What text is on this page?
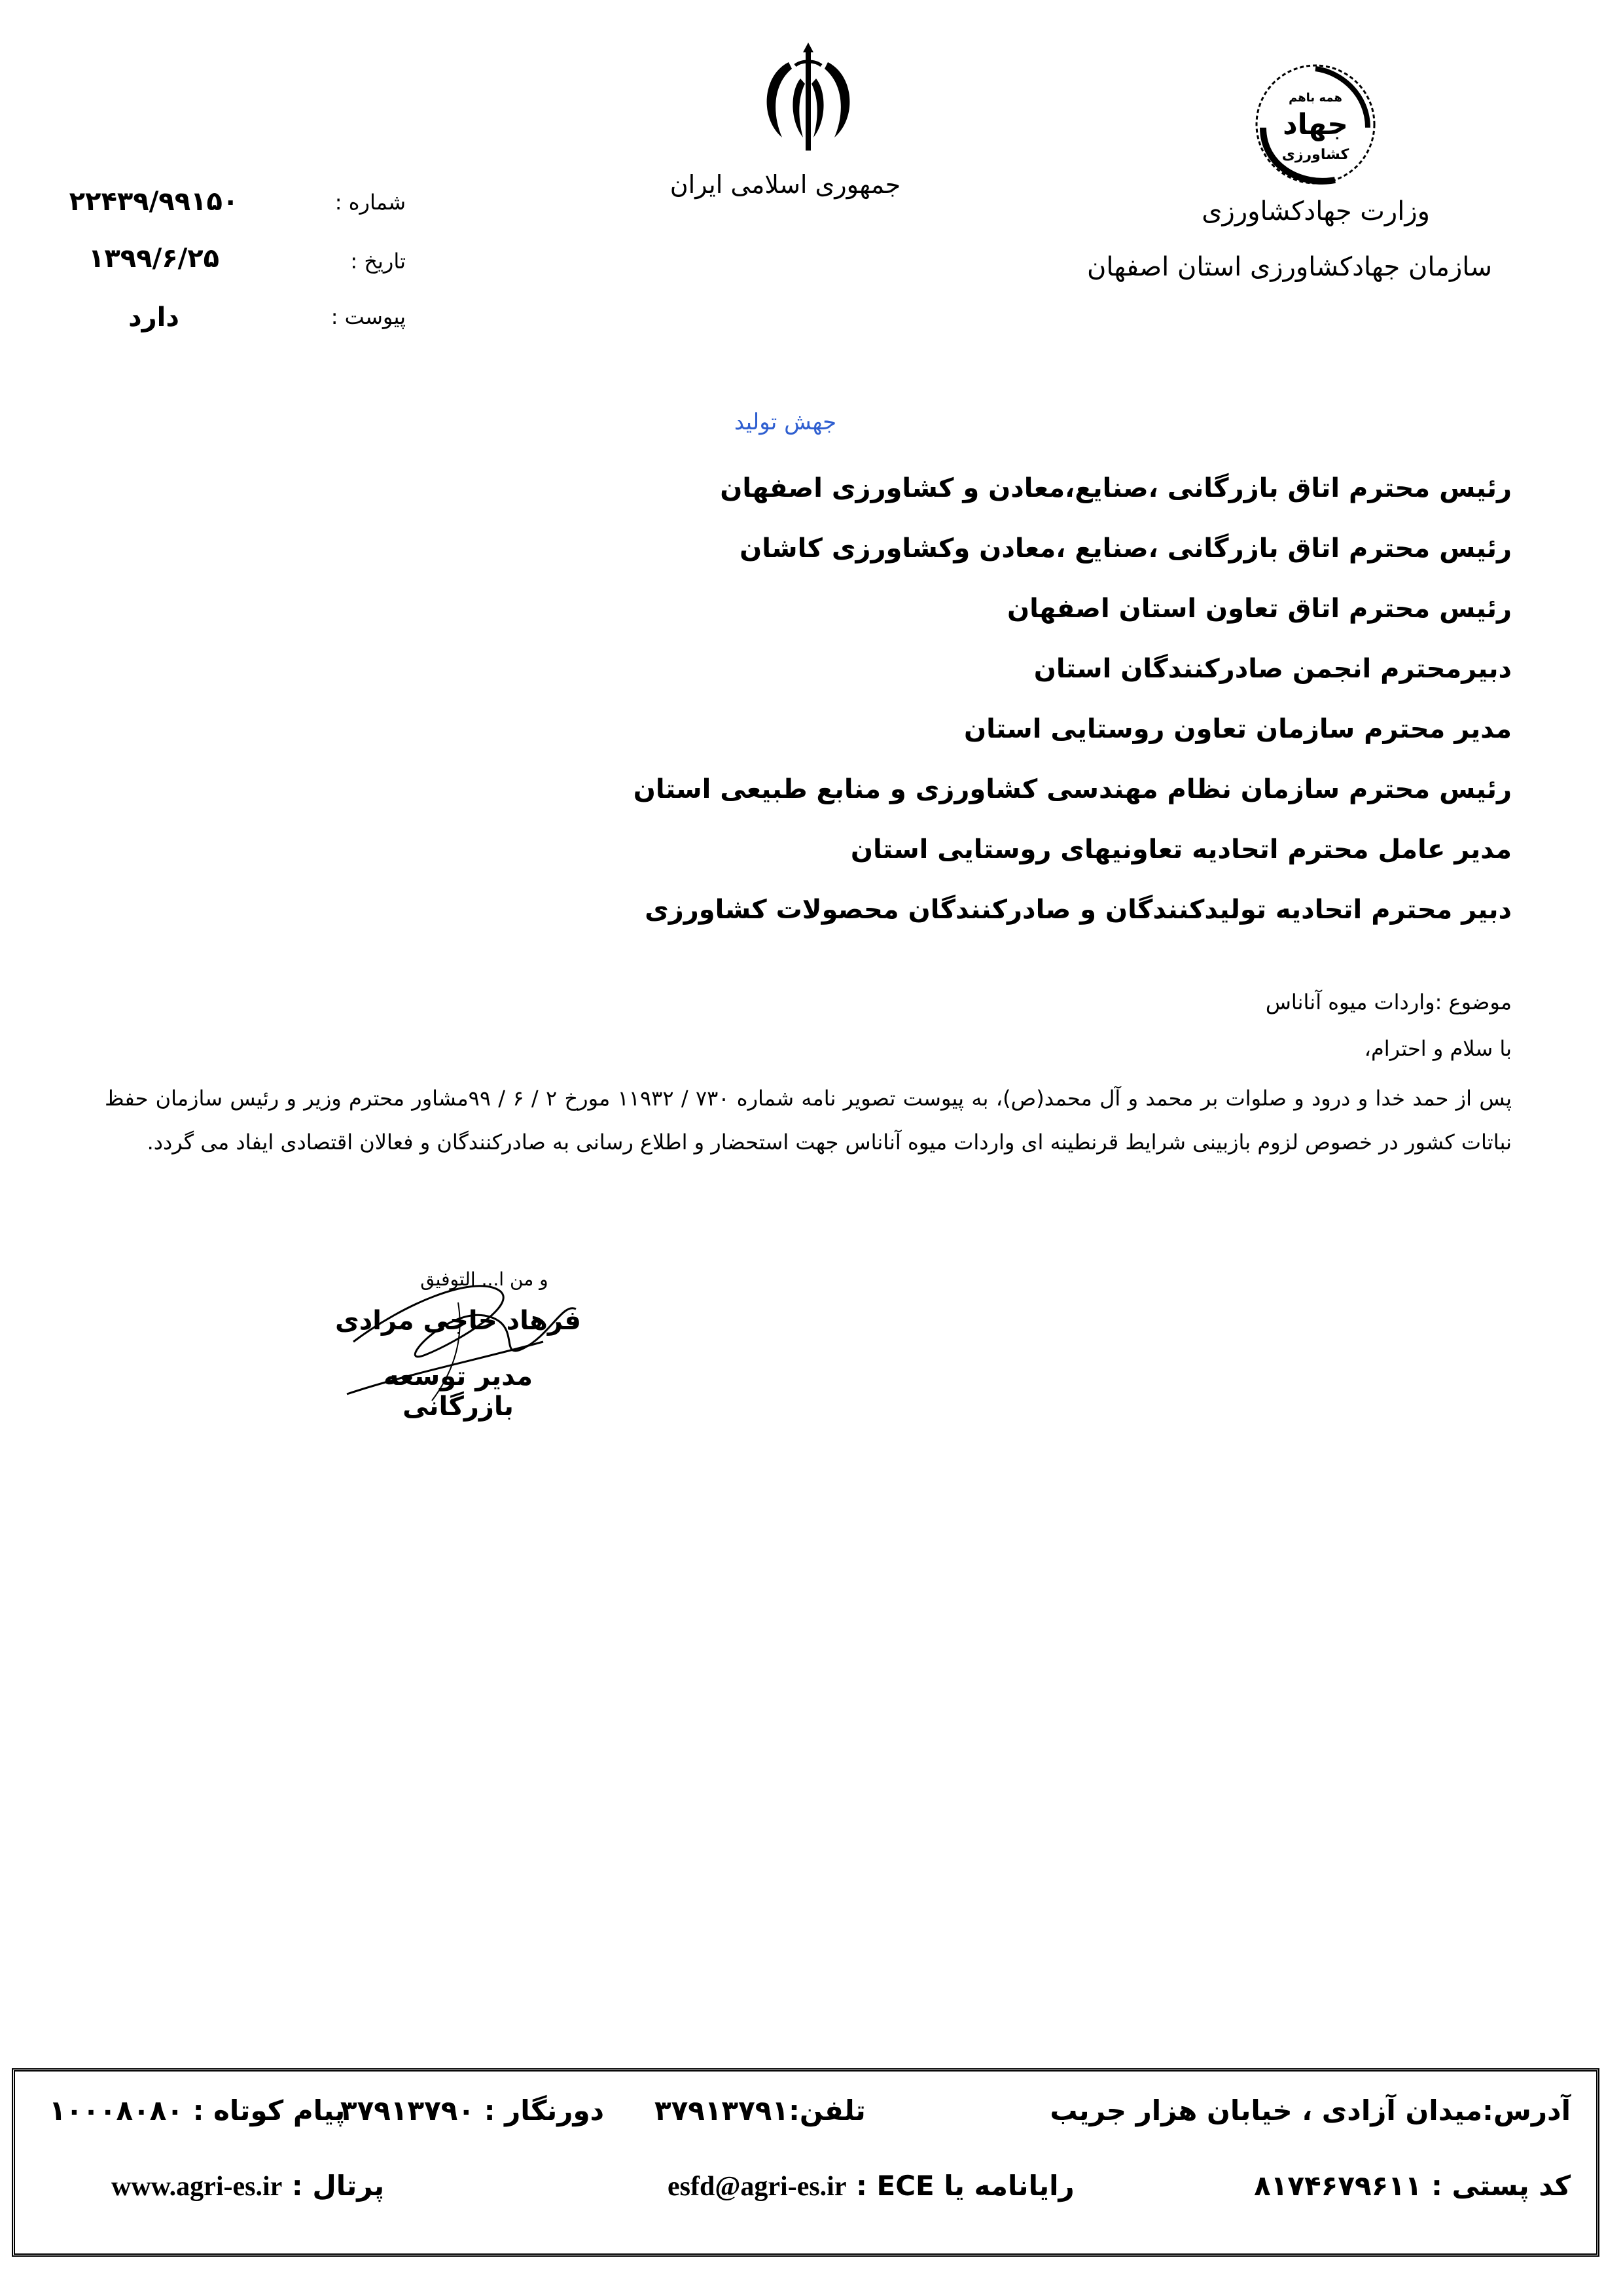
همه باهم
جهاد
کشاورزی
جمهوری اسلامی ایران
وزارت جهادکشاورزی
سازمان جهادکشاورزی استان اصفهان
شماره :
تاریخ :
پیوست :
۲۲۴۳۹/۹۹۱۵۰
۱۳۹۹/۶/۲۵
دارد
جهش تولید
رئیس محترم اتاق بازرگانی ،صنایع،معادن و کشاورزی اصفهان
رئیس محترم اتاق بازرگانی ،صنایع ،معادن وکشاورزی کاشان
رئیس محترم اتاق تعاون استان اصفهان
دبیرمحترم انجمن صادرکنندگان استان
مدیر محترم سازمان تعاون روستایی استان
رئیس محترم سازمان نظام مهندسی کشاورزی و منابع طبیعی استان
مدیر عامل محترم اتحادیه تعاونیهای روستایی استان
دبیر محترم اتحادیه تولیدکنندگان و صادرکنندگان محصولات کشاورزی
موضوع :واردات میوه آناناس
با سلام و احترام،
پس از حمد خدا و درود و صلوات بر محمد و آل محمد(ص)، به پیوست تصویر نامه شماره ۷۳۰ / ۱۱۹۳۲ مورخ ۲ / ۶ / ۹۹مشاور محترم وزیر و رئیس سازمان حفظ نباتات کشور در خصوص لزوم بازبینی شرایط قرنطینه ای واردات میوه آناناس جهت استحضار و اطلاع رسانی به صادرکنندگان و فعالان اقتصادی ایفاد می گردد.
و من ا... التوفیق
فرهاد حاجی مرادی
مدیر توسعه بازرگانی
آدرس:میدان آزادی ، خیابان هزار جریب
۳۷۹۱۳۷۹۱تلفن:
۳۷۹۱۳۷۹۰ دورنگار :
۱۰۰۰۸۰۸۰ پیام کوتاه :
۸۱۷۴۶۷۹۶۱۱ کد پستی :
esfd@agri-es.ir رایانامه یا ECE :
www.agri-es.ir پرتال :
